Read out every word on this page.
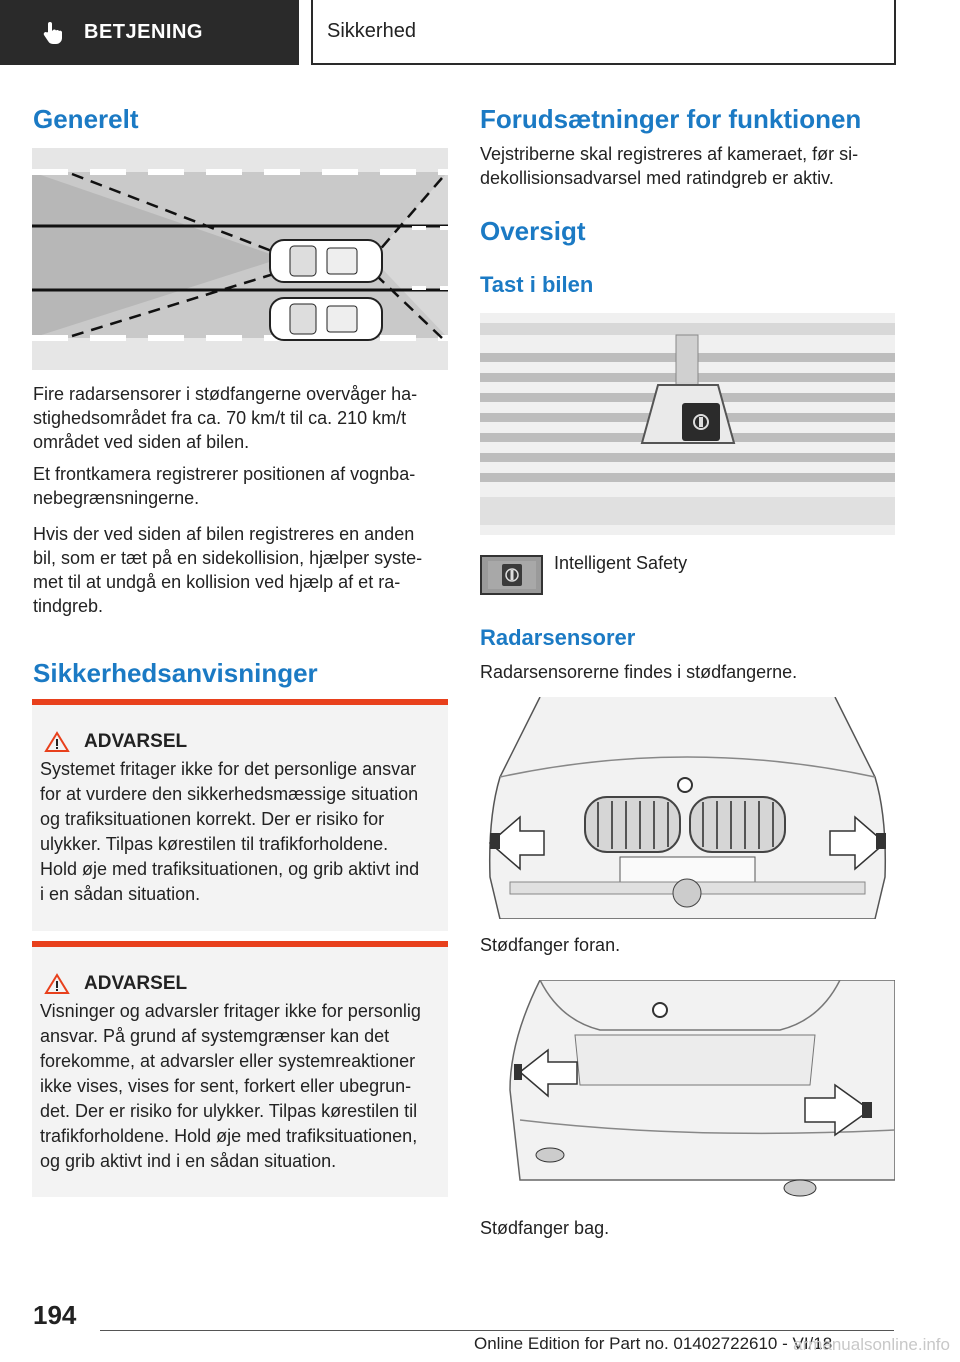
BETJENING	Sikkerhed
Generelt
Fire radarsensorer i stødfangerne overvåger ha-
stighedsområdet fra ca. 70 km/t til ca. 210 km/t
området ved siden af bilen.
Et frontkamera registrerer positionen af vognba-
nebegrænsningerne.
Hvis der ved siden af bilen registreres en anden
bil, som er tæt på en sidekollision, hjælper syste-
met til at undgå en kollision ved hjælp af et ra-
tindgreb.
Sikkerhedsanvisninger
ADVARSEL
Systemet fritager ikke for det personlige ansvar
for at vurdere den sikkerhedsmæssige situation
og trafiksituationen korrekt. Der er risiko for
ulykker. Tilpas kørestilen til trafikforholdene.
Hold øje med trafiksituationen, og grib aktivt ind
i en sådan situation.
ADVARSEL
Visninger og advarsler fritager ikke for personlig
ansvar. På grund af systemgrænser kan det
forekomme, at advarsler eller systemreaktioner
ikke vises, vises for sent, forkert eller ubegrun-
det. Der er risiko for ulykker. Tilpas kørestilen til
trafikforholdene. Hold øje med trafiksituationen,
og grib aktivt ind i en sådan situation.
Forudsætninger for funktionen
Vejstriberne skal registreres af kameraet, før si-
dekollisionsadvarsel med ratindgreb er aktiv.
Oversigt
Tast i bilen
Intelligent Safety
Radarsensorer
Radarsensorerne findes i stødfangerne.
Stødfanger foran.
Stødfanger bag.
194
Online Edition for Part no. 01402722610 - VI/18
armanualsonline.info
